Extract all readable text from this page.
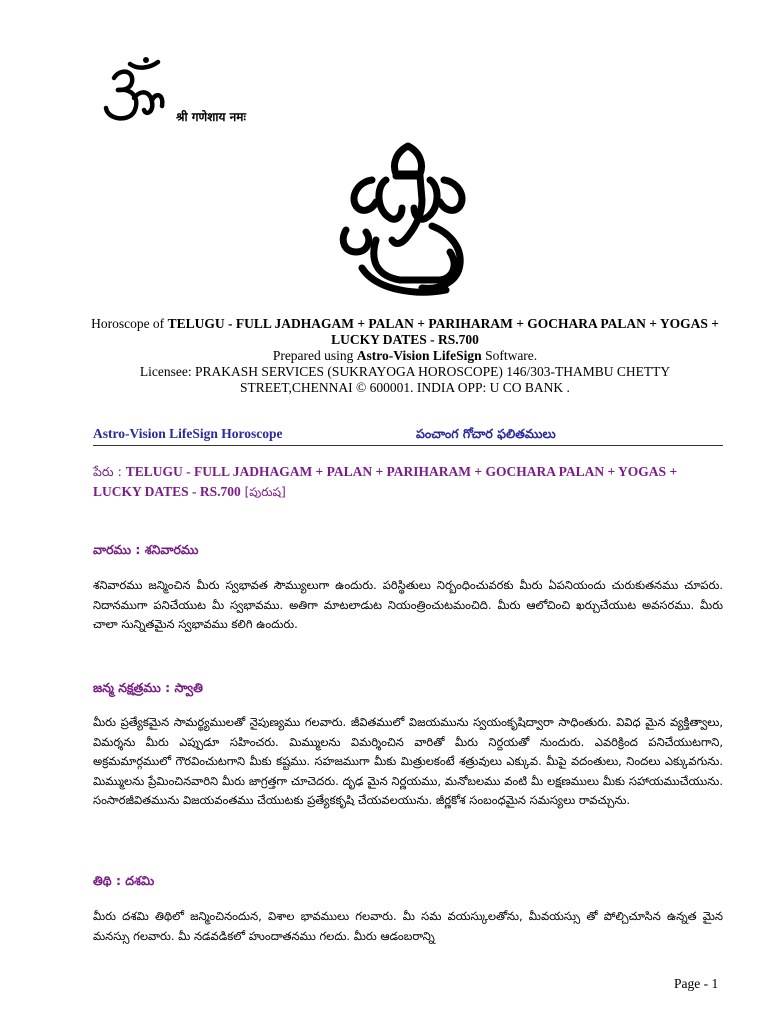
श्री गणेशाय नमः
Horoscope of TELUGU - FULL JADHAGAM + PALAN + PARIHARAM + GOCHARA PALAN + YOGAS + LUCKY DATES - RS.700
Prepared using Astro-Vision LifeSign Software.
Licensee: PRAKASH SERVICES (SUKRAYOGA HOROSCOPE) 146/303-THAMBU CHETTY STREET,CHENNAI © 600001. INDIA OPP: U CO BANK .
Astro-Vision LifeSign Horoscope	పంచాంగ గోచార ఫలితములు
పేరు : TELUGU - FULL JADHAGAM + PALAN + PARIHARAM + GOCHARA PALAN + YOGAS + LUCKY DATES - RS.700 [పురుష]
వారము : శనివారము
శనివారము జన్మించిన మీరు స్వభావత సౌమ్యులుగా ఉందురు. పరిస్థితులు నిర్బంధించువరకు మీరు ఏపనియందు చురుకుతనము చూపరు. నిదానముగా పనిచేయుట మీ స్వభావము. అతిగా మాటలాడుట నియంత్రించుటమంచిది. మీరు ఆలోచించి ఖర్చుచేయుట అవసరము. మీరు చాలా సున్నితమైన స్వభావము కలిగి ఉందురు.
జన్మ నక్షత్రము : స్వాతి
మీరు ప్రత్యేకమైన సామర్థ్యములతో నైపుణ్యము గలవారు. జీవితములో విజయమును స్వయంకృషిద్వారా సాధింతురు. వివిధ మైన వ్యక్తిత్వాలు, విమర్శను మీరు ఎప్పుడూ సహించరు. మిమ్ములను విమర్శించిన వారితో మీరు నిర్దయతో నుందురు. ఎవరిక్రింద పనిచేయుటగాని, అక్రమమార్గములో గౌరవించుటగాని మీకు కష్టము. సహజముగా మీకు మిత్రులకంటే శత్రువులు ఎక్కువ. మీపై వదంతులు, నిందలు ఎక్కువగును. మిమ్ములను ప్రేమించినవారిని మీరు జాగ్రత్తగా చూచెదరు. దృఢ మైన నిర్ణయము, మనోబలము వంటి మీ లక్షణములు మీకు సహాయముచేయును. సంసారజీవితమును విజయవంతము చేయుటకు ప్రత్యేకకృషి చేయవలయును. జీర్ణకోశ సంబంధమైన సమస్యలు రావచ్చును.
తిథి : దశమి
మీరు దశమి తిథిలో జన్మించినందున, విశాల భావములు గలవారు. మీ సమ వయస్కులతోను, మీవయస్సు తో పోల్చిచూసిన ఉన్నత మైన మనస్సు గలవారు. మీ నడవడికలో హుందాతనము గలదు. మీరు ఆడంబరాన్ని
Page - 1
